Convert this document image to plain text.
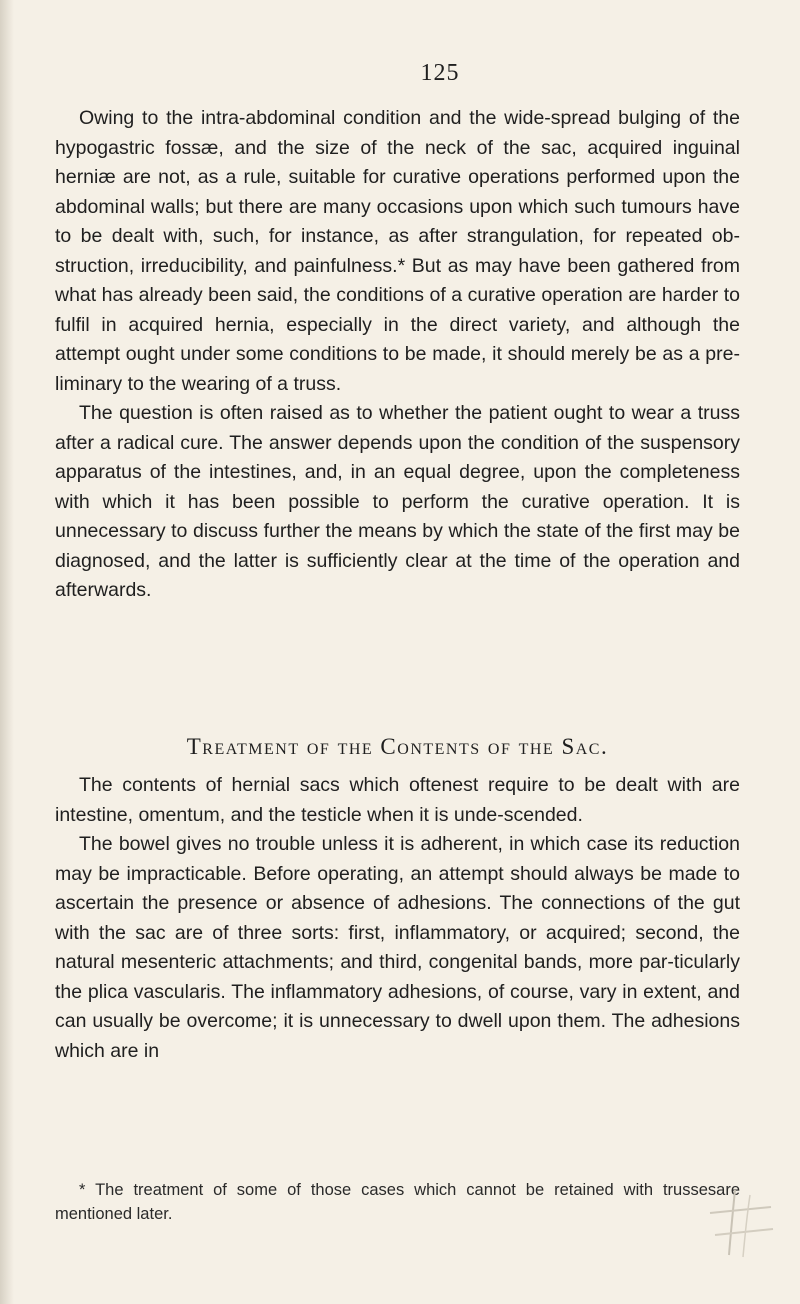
125

Owing to the intra-abdominal condition and the wide-spread bulging of the hypogastric fossæ, and the size of the neck of the sac, acquired inguinal herniæ are not, as a rule, suitable for curative operations performed upon the abdominal walls; but there are many occasions upon which such tumours have to be dealt with, such, for instance, as after strangulation, for repeated ob-struction, irreducibility, and painfulness.* But as may have been gathered from what has already been said, the conditions of a curative operation are harder to fulfil in acquired hernia, especially in the direct variety, and although the attempt ought under some conditions to be made, it should merely be as a pre-liminary to the wearing of a truss.

The question is often raised as to whether the patient ought to wear a truss after a radical cure. The answer depends upon the condition of the suspensory apparatus of the intestines, and, in an equal degree, upon the completeness with which it has been possible to perform the curative operation. It is unnecessary to discuss further the means by which the state of the first may be diagnosed, and the latter is sufficiently clear at the time of the operation and afterwards.

Treatment of the Contents of the Sac.

The contents of hernial sacs which oftenest require to be dealt with are intestine, omentum, and the testicle when it is unde-scended.

The bowel gives no trouble unless it is adherent, in which case its reduction may be impracticable. Before operating, an attempt should always be made to ascertain the presence or absence of adhesions. The connections of the gut with the sac are of three sorts: first, inflammatory, or acquired; second, the natural mesenteric attachments; and third, congenital bands, more par-ticularly the plica vascularis. The inflammatory adhesions, of course, vary in extent, and can usually be overcome; it is unnecessary to dwell upon them. The adhesions which are in

* The treatment of some of those cases which cannot be retained with trussesare mentioned later.
